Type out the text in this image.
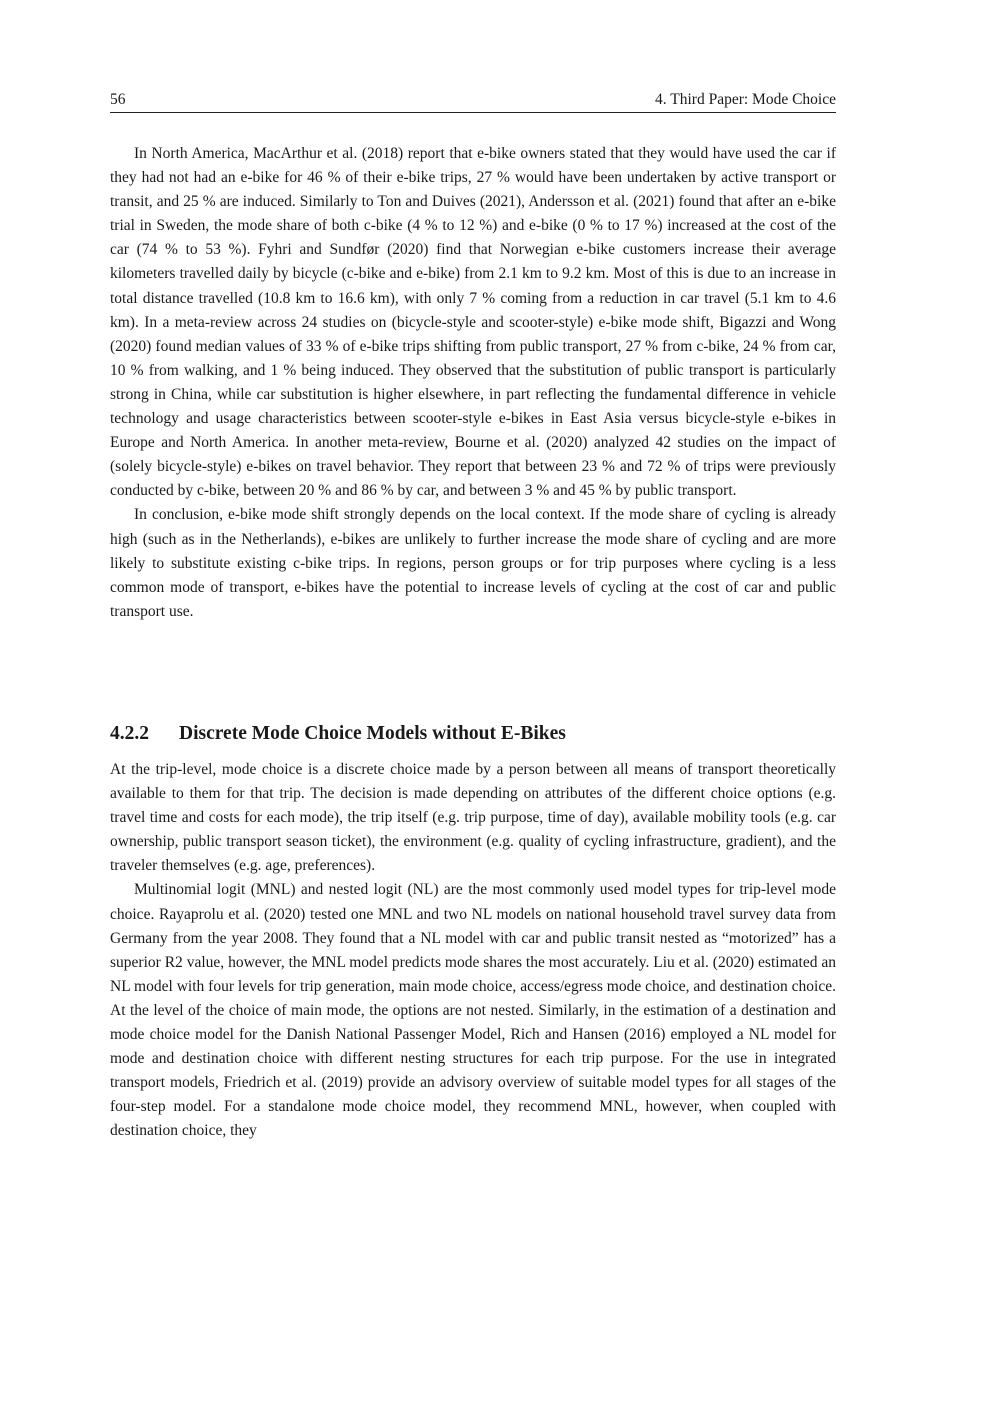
56	4. Third Paper: Mode Choice

In North America, MacArthur et al. (2018) report that e-bike owners stated that they would have used the car if they had not had an e-bike for 46 % of their e-bike trips, 27 % would have been undertaken by active transport or transit, and 25 % are induced. Similarly to Ton and Duives (2021), Andersson et al. (2021) found that after an e-bike trial in Sweden, the mode share of both c-bike (4 % to 12 %) and e-bike (0 % to 17 %) increased at the cost of the car (74 % to 53 %). Fyhri and Sundfør (2020) find that Norwegian e-bike customers increase their average kilometers travelled daily by bicycle (c-bike and e-bike) from 2.1 km to 9.2 km. Most of this is due to an increase in total distance travelled (10.8 km to 16.6 km), with only 7 % coming from a reduction in car travel (5.1 km to 4.6 km). In a meta-review across 24 studies on (bicycle-style and scooter-style) e-bike mode shift, Bigazzi and Wong (2020) found median values of 33 % of e-bike trips shifting from public transport, 27 % from c-bike, 24 % from car, 10 % from walking, and 1 % being induced. They observed that the substitution of public transport is particularly strong in China, while car substitution is higher elsewhere, in part reflecting the fundamental difference in vehicle technology and usage characteristics between scooter-style e-bikes in East Asia versus bicycle-style e-bikes in Europe and North America. In another meta-review, Bourne et al. (2020) analyzed 42 studies on the impact of (solely bicycle-style) e-bikes on travel behavior. They report that between 23 % and 72 % of trips were previously conducted by c-bike, between 20 % and 86 % by car, and between 3 % and 45 % by public transport.

In conclusion, e-bike mode shift strongly depends on the local context. If the mode share of cycling is already high (such as in the Netherlands), e-bikes are unlikely to further increase the mode share of cycling and are more likely to substitute existing c-bike trips. In regions, person groups or for trip purposes where cycling is a less common mode of transport, e-bikes have the potential to increase levels of cycling at the cost of car and public transport use.

4.2.2 Discrete Mode Choice Models without E-Bikes

At the trip-level, mode choice is a discrete choice made by a person between all means of transport theoretically available to them for that trip. The decision is made depending on attributes of the different choice options (e.g. travel time and costs for each mode), the trip itself (e.g. trip purpose, time of day), available mobility tools (e.g. car ownership, public transport season ticket), the environment (e.g. quality of cycling infrastructure, gradient), and the traveler themselves (e.g. age, preferences).

Multinomial logit (MNL) and nested logit (NL) are the most commonly used model types for trip-level mode choice. Rayaprolu et al. (2020) tested one MNL and two NL models on national household travel survey data from Germany from the year 2008. They found that a NL model with car and public transit nested as “motorized” has a superior R2 value, however, the MNL model predicts mode shares the most accurately. Liu et al. (2020) estimated an NL model with four levels for trip generation, main mode choice, access/egress mode choice, and destination choice. At the level of the choice of main mode, the options are not nested. Similarly, in the estimation of a destination and mode choice model for the Danish National Passenger Model, Rich and Hansen (2016) employed a NL model for mode and destination choice with different nesting structures for each trip purpose. For the use in integrated transport models, Friedrich et al. (2019) provide an advisory overview of suitable model types for all stages of the four-step model. For a standalone mode choice model, they recommend MNL, however, when coupled with destination choice, they
